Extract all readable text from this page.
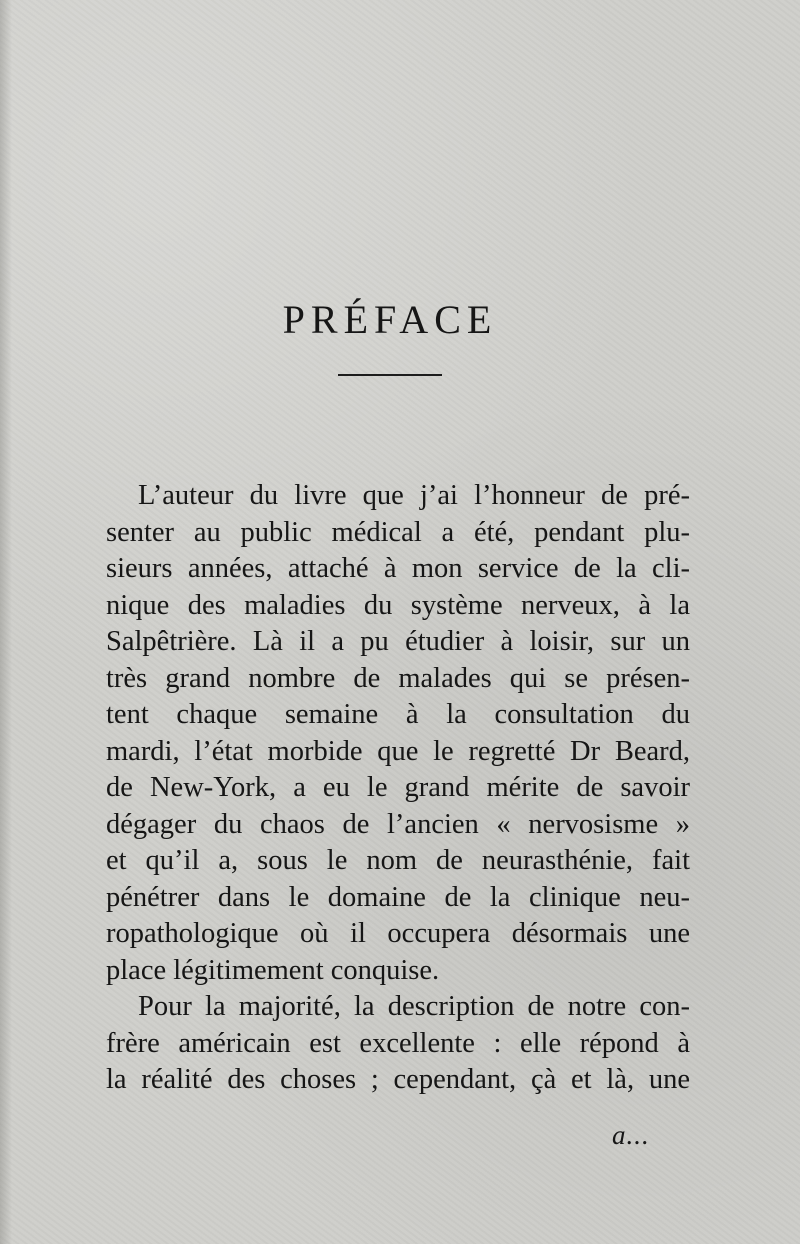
PRÉFACE
L’auteur du livre que j’ai l’honneur de pré-
senter au public médical a été, pendant plu-
sieurs années, attaché à mon service de la cli-
nique des maladies du système nerveux, à la
Salpêtrière. Là il a pu étudier à loisir, sur un
très grand nombre de malades qui se présen-
tent chaque semaine à la consultation du
mardi, l’état morbide que le regretté Dr Beard,
de New-York, a eu le grand mérite de savoir
dégager du chaos de l’ancien « nervosisme »
et qu’il a, sous le nom de neurasthénie, fait
pénétrer dans le domaine de la clinique neu-
ropathologique où il occupera désormais une
place légitimement conquise.
Pour la majorité, la description de notre con-
frère américain est excellente : elle répond à
la réalité des choses ; cependant, çà et là, une
a...
